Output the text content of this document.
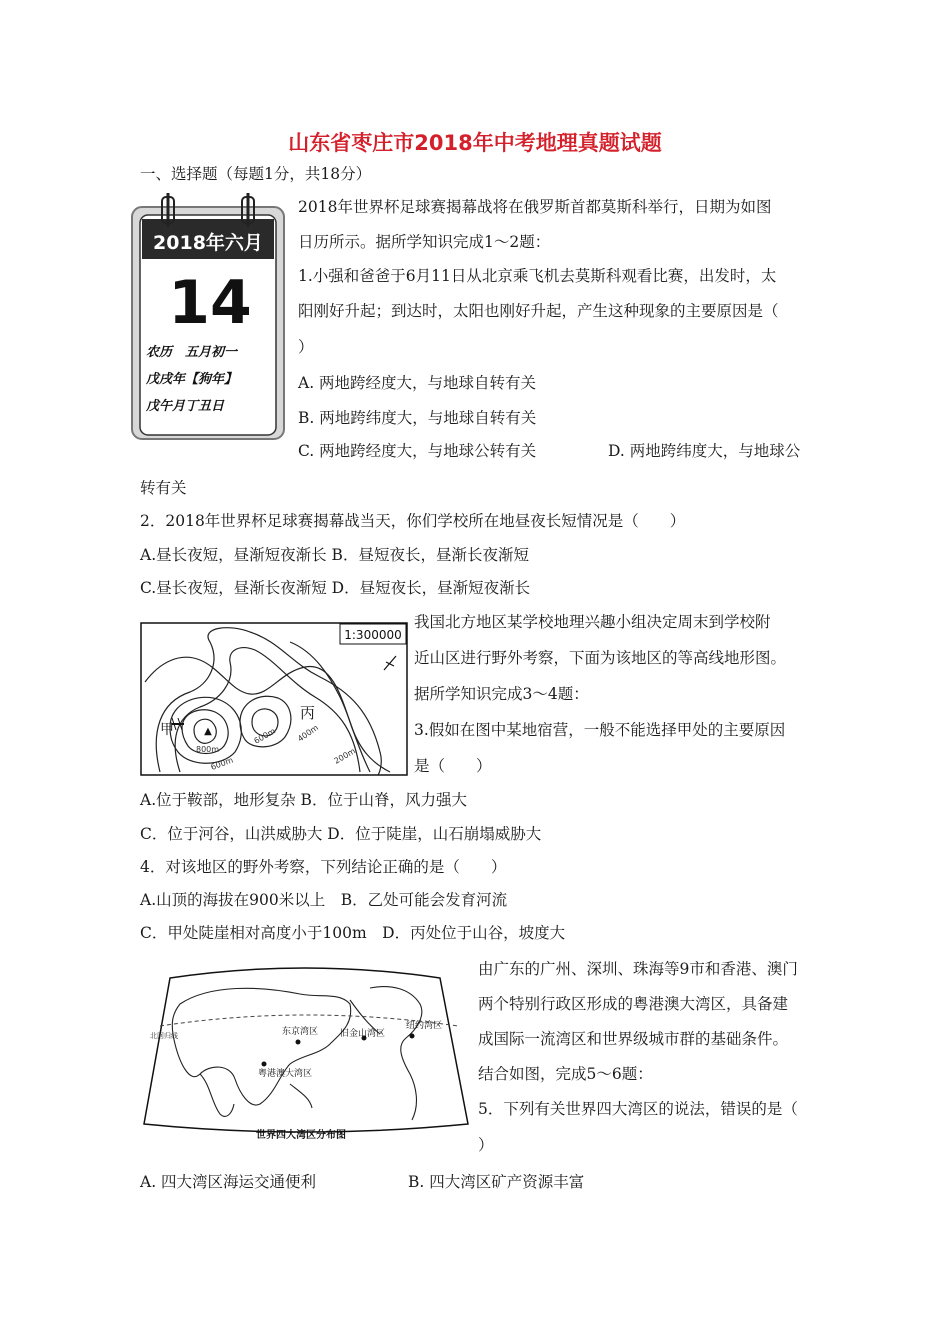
山东省枣庄市2018年中考地理真题试题
一、选择题（每题1分，共18分）
2018年六月
14
农历　五月初一
戊戌年【狗年】
戊午月丁丑日
2018年世界杯足球赛揭幕战将在俄罗斯首都莫斯科举行，日期为如图
日历所示。据所学知识完成1～2题：
1.小强和爸爸于6月11日从北京乘飞机去莫斯科观看比赛，出发时，太
阳刚好升起；到达时，太阳也刚好升起，产生这种现象的主要原因是（
）
A. 两地跨经度大，与地球自转有关
B. 两地跨纬度大，与地球自转有关
C. 两地跨经度大，与地球公转有关	D. 两地跨纬度大，与地球公
转有关
2．2018年世界杯足球赛揭幕战当天，你们学校所在地昼夜长短情况是（　　）
A.昼长夜短，昼渐短夜渐长 B．昼短夜长，昼渐长夜渐短
C.昼长夜短，昼渐长夜渐短 D．昼短夜长，昼渐短夜渐长
1:300000
▲
甲
丙
800m
600m
600m
400m
200m
我国北方地区某学校地理兴趣小组决定周末到学校附
近山区进行野外考察，下面为该地区的等高线地形图。
据所学知识完成3～4题：
3.假如在图中某地宿营，一般不能选择甲处的主要原因
是（　　）
A.位于鞍部，地形复杂 B．位于山脊，风力强大
C．位于河谷，山洪威胁大 D．位于陡崖，山石崩塌威胁大
4．对该地区的野外考察，下列结论正确的是（　　）
A.山顶的海拔在900米以上　B．乙处可能会发育河流
C．甲处陡崖相对高度小于100m　D．丙处位于山谷，坡度大
东京湾区 旧金山湾区
纽约湾区
粤港澳大湾区
北回归线
世界四大湾区分布图
由广东的广州、深圳、珠海等9市和香港、澳门
两个特别行政区形成的粤港澳大湾区，具备建
成国际一流湾区和世界级城市群的基础条件。
结合如图，完成5～6题：
5．下列有关世界四大湾区的说法，错误的是（
）
A. 四大湾区海运交通便利	B. 四大湾区矿产资源丰富
